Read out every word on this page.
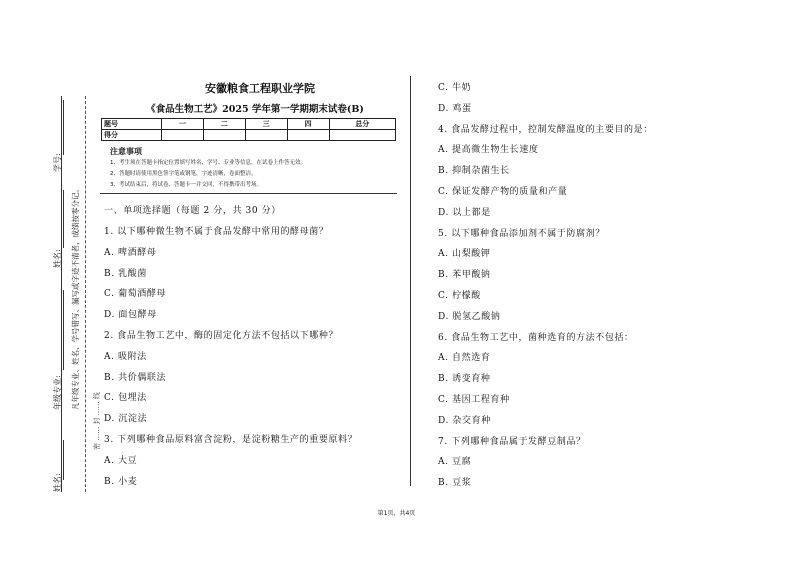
学号:
姓名:
年级专业:
姓名:
凡年级专业、姓名、学号错写、漏写或字迹不清者，成绩按零分记。
密 …… 封 …… 线
安徽粮食工程职业学院
《食品生物工艺》2025 学年第一学期期末试卷(B)
题号	一	二	三	四	总分
得分					
注意事项
1、考生须在答题卡指定位置填写姓名、学号、专业等信息，在试卷上作答无效。
2、答题时请使用黑色签字笔或钢笔，字迹清晰，卷面整洁。
3、考试结束后，将试卷、答题卡一并交回，不得携带出考场。
一、单项选择题（每题 2 分，共 30 分）
1. 以下哪种微生物不属于食品发酵中常用的酵母菌？
A. 啤酒酵母
B. 乳酸菌
C. 葡萄酒酵母
D. 面包酵母
2. 食品生物工艺中，酶的固定化方法不包括以下哪种？
A. 吸附法
B. 共价偶联法
C. 包埋法
D. 沉淀法
3. 下列哪种食品原料富含淀粉，是淀粉糖生产的重要原料？
A. 大豆
B. 小麦
C. 牛奶
D. 鸡蛋
4. 食品发酵过程中，控制发酵温度的主要目的是：
A. 提高微生物生长速度
B. 抑制杂菌生长
C. 保证发酵产物的质量和产量
D. 以上都是
5. 以下哪种食品添加剂不属于防腐剂？
A. 山梨酸钾
B. 苯甲酸钠
C. 柠檬酸
D. 脱氢乙酸钠
6. 食品生物工艺中，菌种选育的方法不包括：
A. 自然选育
B. 诱变育种
C. 基因工程育种
D. 杂交育种
7. 下列哪种食品属于发酵豆制品？
A. 豆腐
B. 豆浆
第1页，共4页
